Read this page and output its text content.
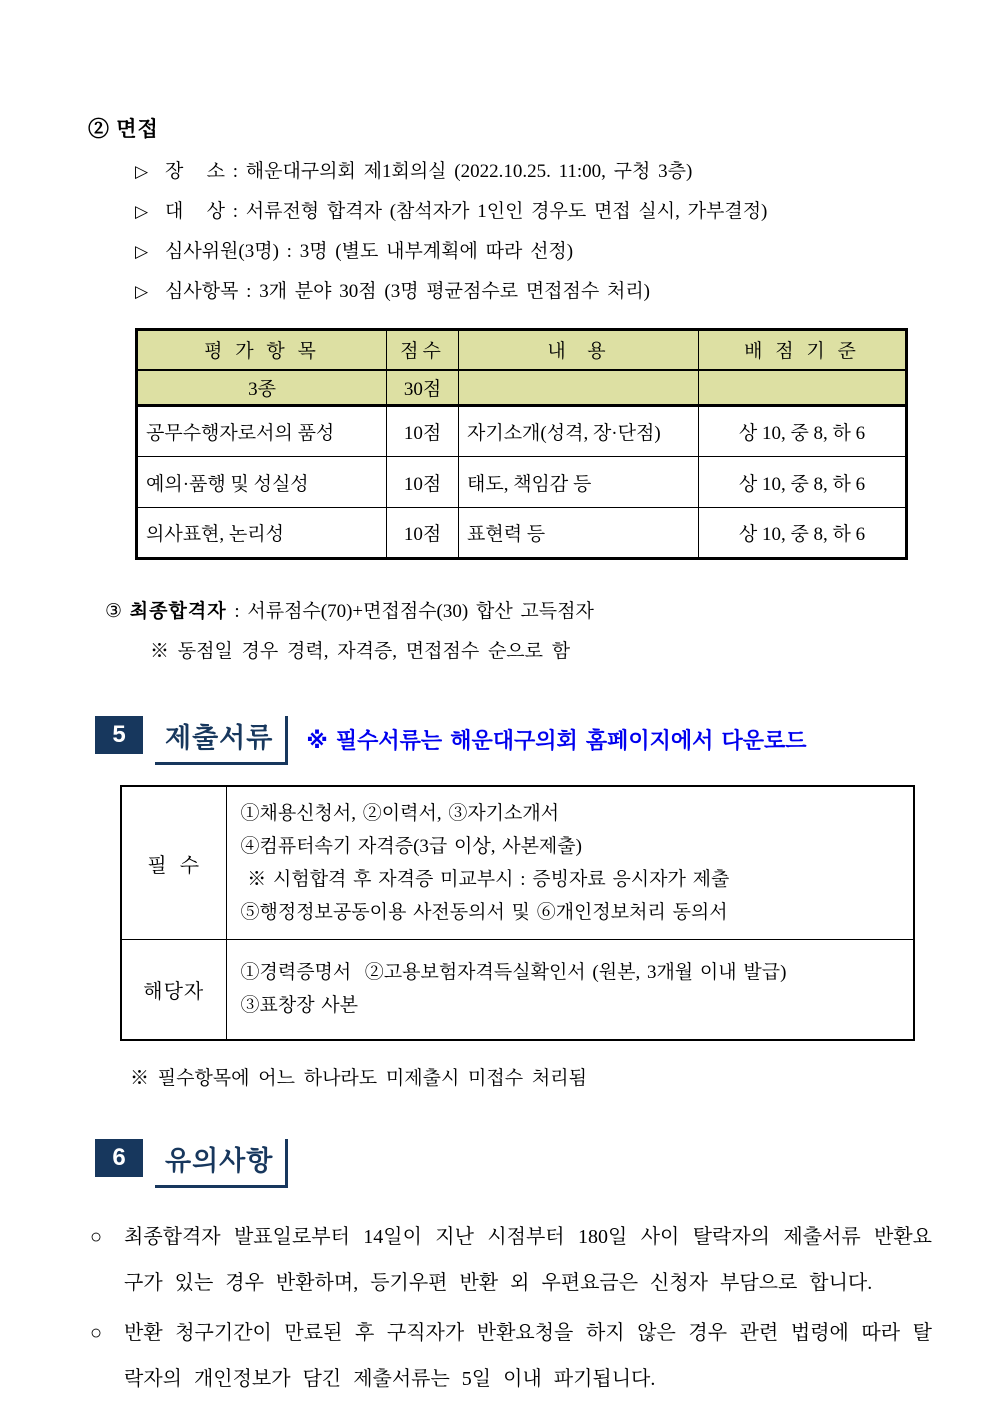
② 면접
▷ 장   소 : 해운대구의회 제1회의실 (2022.10.25. 11:00, 구청 3층)
▷ 대   상 : 서류전형 합격자 (참석자가 1인인 경우도 면접 실시, 가부결정)
▷ 심사위원(3명) : 3명 (별도 내부계획에 따라 선정)
▷ 심사항목 : 3개 분야 30점 (3명 평균점수로 면접점수 처리)
평 가 항 목	점수	내  용	배 점 기 준
3종	30점		
공무수행자로서의 품성	10점	자기소개(성격, 장·단점)	상 10, 중 8, 하 6
예의·품행 및 성실성	10점	태도, 책임감 등	상 10, 중 8, 하 6
의사표현, 논리성	10점	표현력 등	상 10, 중 8, 하 6
③ 최종합격자 : 서류점수(70)+면접점수(30) 합산 고득점자
※ 동점일 경우 경력, 자격증, 면접점수 순으로 함
5	제출서류	※ 필수서류는 해운대구의회 홈페이지에서 다운로드
필  수	①채용신청서, ②이력서, ③자기소개서
④컴퓨터속기 자격증(3급 이상, 사본제출)
※ 시험합격 후 자격증 미교부시 : 증빙자료 응시자가 제출
⑤행정정보공동이용 사전동의서 및 ⑥개인정보처리 동의서

해당자	①경력증명서  ②고용보험자격득실확인서 (원본, 3개월 이내 발급)
③표창장 사본
※ 필수항목에 어느 하나라도 미제출시 미접수 처리됨
6	유의사항
○	최종합격자 발표일로부터 14일이 지난 시점부터 180일 사이 탈락자의 제출서류 반환요구가 있는 경우 반환하며, 등기우편 반환 외 우편요금은 신청자 부담으로 합니다.
○	반환 청구기간이 만료된 후 구직자가 반환요청을 하지 않은 경우 관련 법령에 따라 탈락자의 개인정보가 담긴 제출서류는 5일 이내 파기됩니다.
